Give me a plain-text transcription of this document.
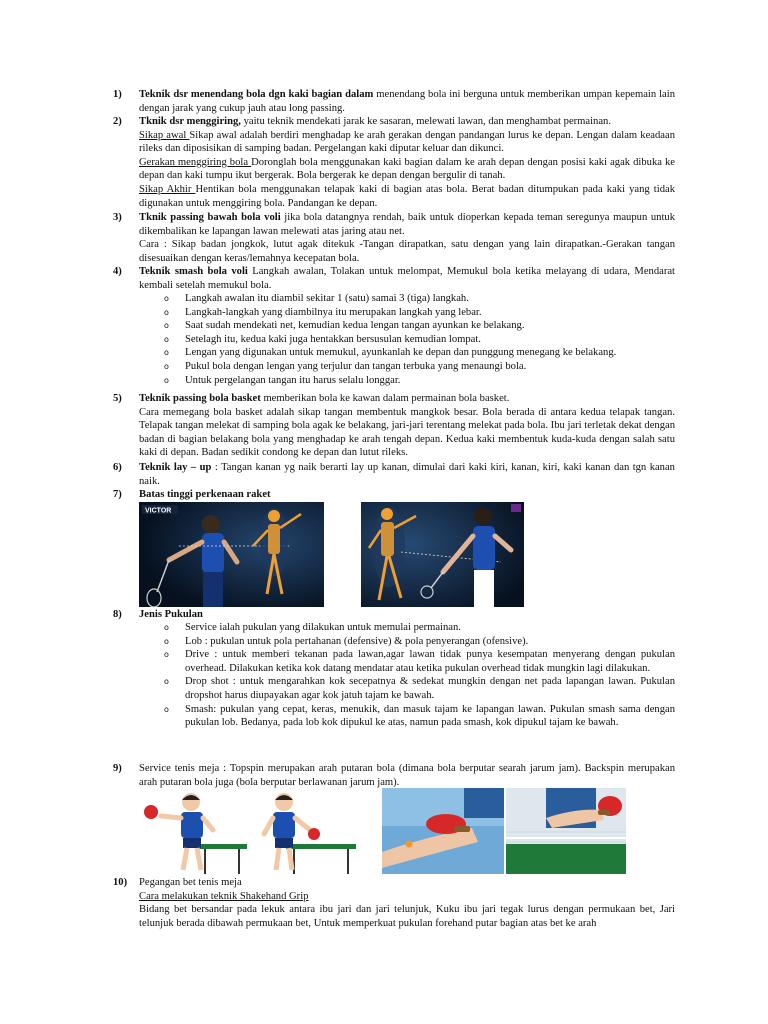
1) Teknik dsr menendang bola dgn kaki bagian dalam menendang bola ini berguna untuk memberikan umpan kepemain lain dengan jarak yang cukup jauh atau long passing.
2) Tknik dsr menggiring, yaitu teknik mendekati jarak ke sasaran, melewati lawan, dan menghambat permainan.
Sikap awal Sikap awal adalah berdiri menghadap ke arah gerakan dengan pandangan lurus ke depan. Lengan dalam keadaan rileks dan diposisikan di samping badan. Pergelangan kaki diputar keluar dan dikunci.
Gerakan menggiring bola Doronglah bola menggunakan kaki bagian dalam ke arah depan dengan posisi kaki agak dibuka ke depan dan kaki tumpu ikut bergerak. Bola bergerak ke depan dengan bergulir di tanah.
Sikap Akhir Hentikan bola menggunakan telapak kaki di bagian atas bola. Berat badan ditumpukan pada kaki yang tidak digunakan untuk menggiring bola. Pandangan ke depan.
3) Tknik passing bawah bola voli jika bola datangnya rendah, baik untuk dioperkan kepada teman seregunya maupun untuk dikembalikan ke lapangan lawan melewati atas jaring atau net.
Cara : Sikap badan jongkok, lutut agak ditekuk -Tangan dirapatkan, satu dengan yang lain dirapatkan.-Gerakan tangan disesuaikan dengan keras/lemahnya kecepatan bola.
4) Teknik smash bola voli Langkah awalan, Tolakan untuk melompat, Memukul bola ketika melayang di udara, Mendarat kembali setelah memukul bola.
o Langkah awalan itu diambil sekitar 1 (satu) samai 3 (tiga) langkah.
o Langkah-langkah yang diambilnya itu merupakan langkah yang lebar.
o Saat sudah mendekati net, kemudian kedua lengan tangan ayunkan ke belakang.
o Setelagh itu, kedua kaki juga hentakkan bersusulan kemudian lompat.
o Lengan yang digunakan untuk memukul, ayunkanlah ke depan dan punggung menegang ke belakang.
o Pukul bola dengan lengan yang terjulur dan tangan terbuka yang menaungi bola.
o Untuk pergelangan tangan itu harus selalu longgar.
5) Teknik passing bola basket memberikan bola ke kawan dalam permainan bola basket.
Cara memegang bola basket adalah sikap tangan membentuk mangkok besar. Bola berada di antara kedua telapak tangan. Telapak tangan melekat di samping bola agak ke belakang, jari-jari terentang melekat pada bola. Ibu jari terletak dekat dengan badan di bagian belakang bola yang menghadap ke arah tengah depan. Kedua kaki membentuk kuda-kuda dengan salah satu kaki di depan. Badan sedikit condong ke depan dan lutut rileks.
6) Teknik lay – up : Tangan kanan yg naik berarti lay up kanan, dimulai dari kaki kiri, kanan, kiri, kaki kanan dan tgn kanan naik.
7) Batas tinggi perkenaan raket
VICTOR
8) Jenis Pukulan
o Service ialah pukulan yang dilakukan untuk memulai permainan.
o Lob : pukulan untuk pola pertahanan (defensive) & pola penyerangan (ofensive).
o Drive : untuk memberi tekanan pada lawan,agar lawan tidak punya kesempatan menyerang dengan pukulan overhead. Dilakukan ketika kok datang mendatar atau ketika pukulan overhead tidak mungkin lagi dilakukan.
o Drop shot : untuk mengarahkan kok secepatnya & sedekat mungkin dengan net pada lapangan lawan. Pukulan dropshot harus diupayakan agar kok jatuh tajam ke bawah.
o Smash: pukulan yang cepat, keras, menukik, dan masuk tajam ke lapangan lawan. Pukulan smash sama dengan pukulan lob. Bedanya, pada lob kok dipukul ke atas, namun pada smash, kok dipukul tajam ke bawah.
9) Service tenis meja : Topspin merupakan arah putaran bola (dimana bola berputar searah jarum jam). Backspin merupakan arah putaran bola juga (bola berputar berlawanan jarum jam).
10) Pegangan bet tenis meja
Cara melakukan teknik Shakehand Grip
Bidang bet bersandar pada lekuk antara ibu jari dan jari telunjuk, Kuku ibu jari tegak lurus dengan permukaan bet, Jari telunjuk berada dibawah permukaan bet, Untuk memperkuat pukulan forehand putar bagian atas bet ke arah
